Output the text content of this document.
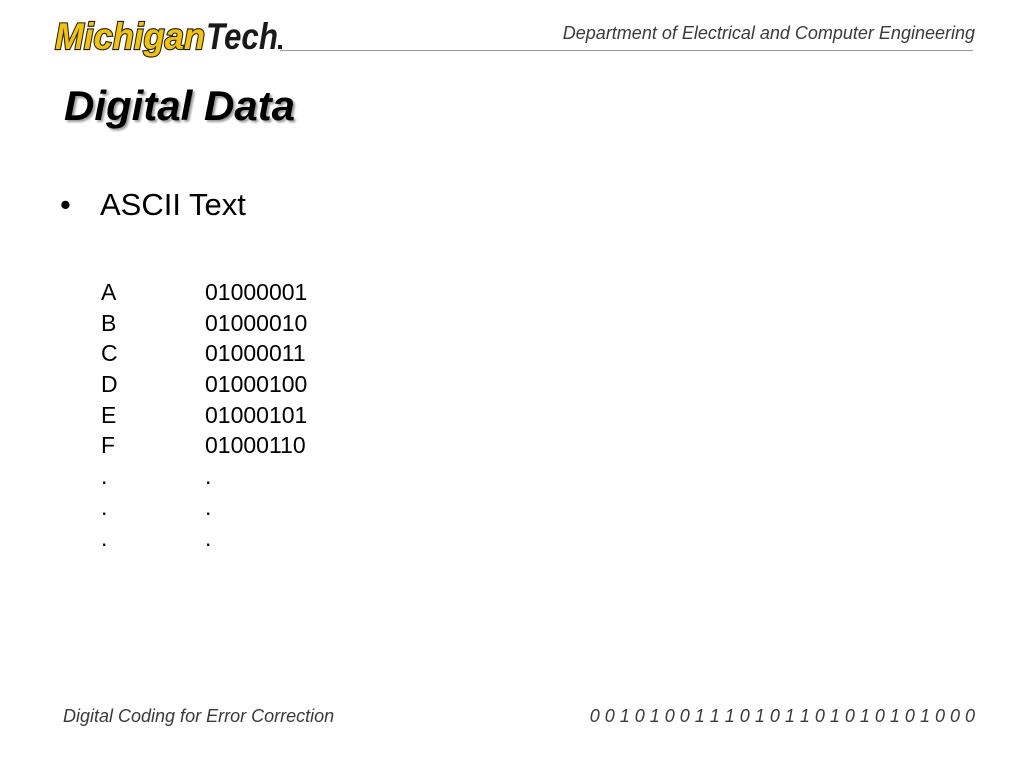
Michigan Tech	Department of Electrical and Computer Engineering
Digital Data
• ASCII Text
A	01000001
B	01000010
C	01000011
D	01000100
E	01000101
F	01000110
.	.
.	.
.	.
Digital Coding for Error Correction	0 0 1 0 1 0 0 1 1 1 0 1 0 1 1 0 1 0 1 0 1 0 1 0 0 0
